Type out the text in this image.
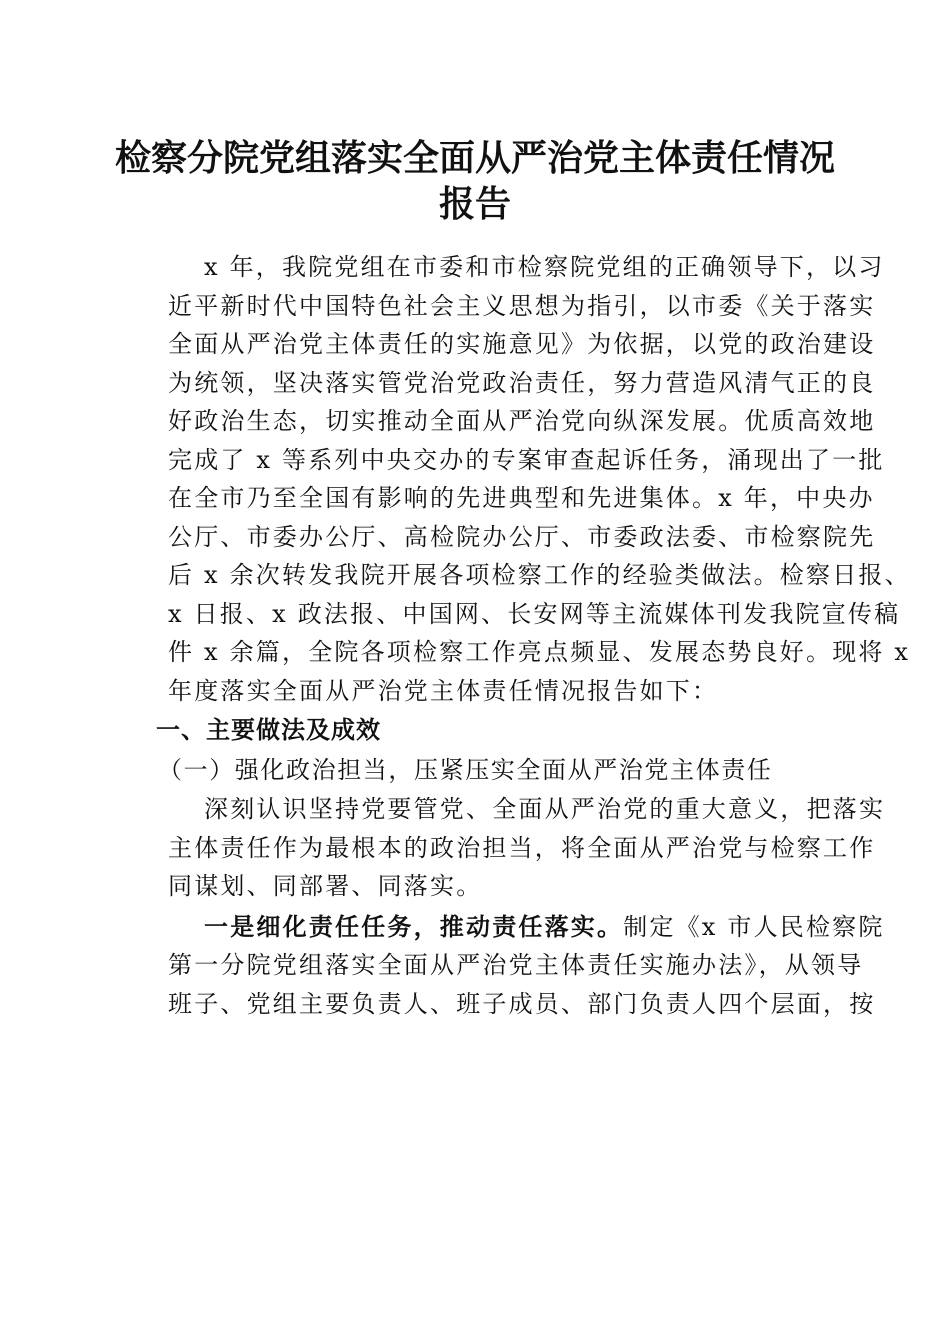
检察分院党组落实全面从严治党主体责任情况
报告
x 年，我院党组在市委和市检察院党组的正确领导下，以习
近平新时代中国特色社会主义思想为指引，以市委《关于落实
全面从严治党主体责任的实施意见》为依据，以党的政治建设
为统领，坚决落实管党治党政治责任，努力营造风清气正的良
好政治生态，切实推动全面从严治党向纵深发展。优质高效地
完成了 x 等系列中央交办的专案审查起诉任务，涌现出了一批
在全市乃至全国有影响的先进典型和先进集体。x 年，中央办
公厅、市委办公厅、高检院办公厅、市委政法委、市检察院先
后 x 余次转发我院开展各项检察工作的经验类做法。检察日报、
x 日报、x 政法报、中国网、长安网等主流媒体刊发我院宣传稿
件 x 余篇，全院各项检察工作亮点频显、发展态势良好。现将 x
年度落实全面从严治党主体责任情况报告如下：
一、主要做法及成效
（一）强化政治担当，压紧压实全面从严治党主体责任
深刻认识坚持党要管党、全面从严治党的重大意义，把落实
主体责任作为最根本的政治担当，将全面从严治党与检察工作
同谋划、同部署、同落实。
一是细化责任任务，推动责任落实。制定《x 市人民检察院
第一分院党组落实全面从严治党主体责任实施办法》，从领导
班子、党组主要负责人、班子成员、部门负责人四个层面，按
